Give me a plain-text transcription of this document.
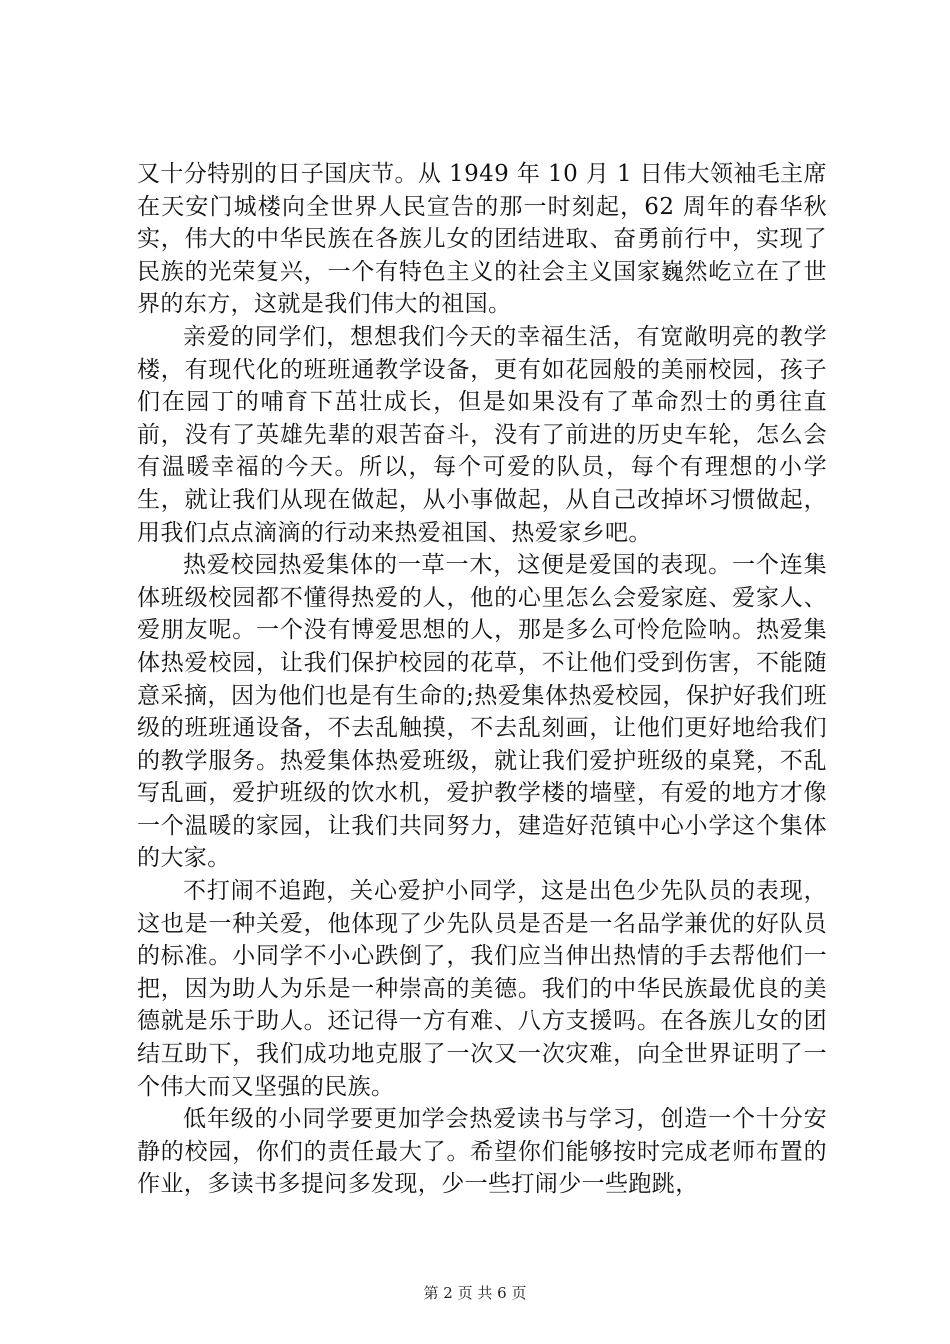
又十分特别的日子国庆节。从 1949 年 10 月 1 日伟大领袖毛主席在天安门城楼向全世界人民宣告的那一时刻起，62 周年的春华秋实，伟大的中华民族在各族儿女的团结进取、奋勇前行中，实现了民族的光荣复兴，一个有特色主义的社会主义国家巍然屹立在了世界的东方，这就是我们伟大的祖国。

亲爱的同学们，想想我们今天的幸福生活，有宽敞明亮的教学楼，有现代化的班班通教学设备，更有如花园般的美丽校园，孩子们在园丁的哺育下茁壮成长，但是如果没有了革命烈士的勇往直前，没有了英雄先辈的艰苦奋斗，没有了前进的历史车轮，怎么会有温暖幸福的今天。所以，每个可爱的队员，每个有理想的小学生，就让我们从现在做起，从小事做起，从自己改掉坏习惯做起，用我们点点滴滴的行动来热爱祖国、热爱家乡吧。

热爱校园热爱集体的一草一木，这便是爱国的表现。一个连集体班级校园都不懂得热爱的人，他的心里怎么会爱家庭、爱家人、爱朋友呢。一个没有博爱思想的人，那是多么可怜危险呐。热爱集体热爱校园，让我们保护校园的花草，不让他们受到伤害，不能随意采摘，因为他们也是有生命的;热爱集体热爱校园，保护好我们班级的班班通设备，不去乱触摸，不去乱刻画，让他们更好地给我们的教学服务。热爱集体热爱班级，就让我们爱护班级的桌凳，不乱写乱画，爱护班级的饮水机，爱护教学楼的墙壁，有爱的地方才像一个温暖的家园，让我们共同努力，建造好范镇中心小学这个集体的大家。

不打闹不追跑，关心爱护小同学，这是出色少先队员的表现，这也是一种关爱，他体现了少先队员是否是一名品学兼优的好队员的标准。小同学不小心跌倒了，我们应当伸出热情的手去帮他们一把，因为助人为乐是一种崇高的美德。我们的中华民族最优良的美德就是乐于助人。还记得一方有难、八方支援吗。在各族儿女的团结互助下，我们成功地克服了一次又一次灾难，向全世界证明了一个伟大而又坚强的民族。

低年级的小同学要更加学会热爱读书与学习，创造一个十分安静的校园，你们的责任最大了。希望你们能够按时完成老师布置的作业，多读书多提问多发现，少一些打闹少一些跑跳，

第 2 页 共 6 页
